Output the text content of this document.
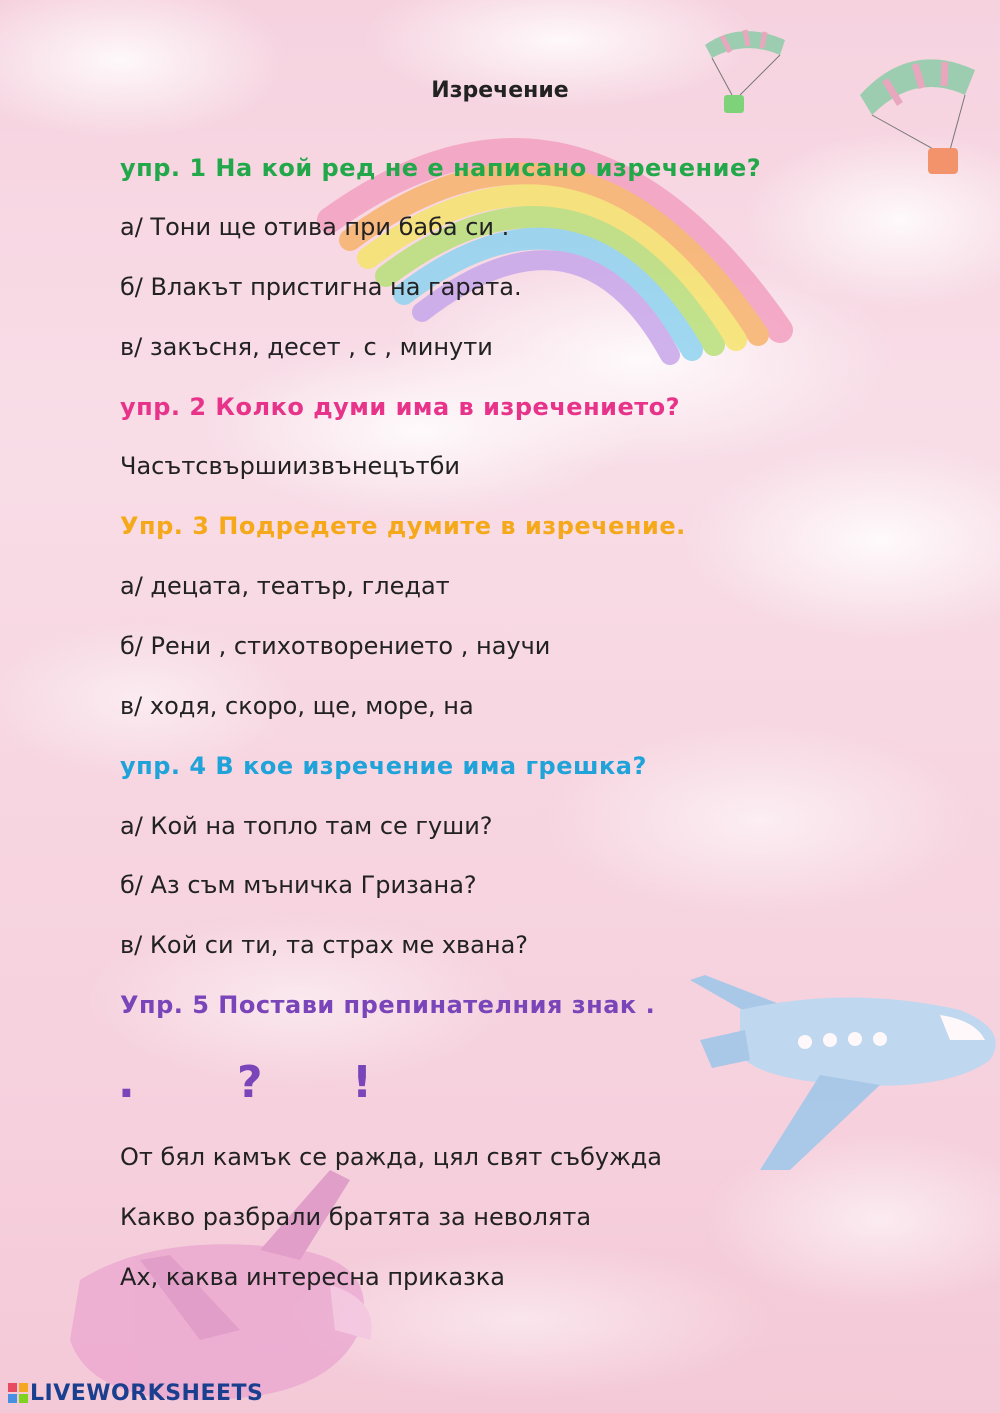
Изречение
упр. 1 На кой ред не е написано изречение?
а/ Тони ще отива при баба си .
б/ Влакът пристигна на гарата.
в/ закъсня, десет , с , минути
упр. 2 Колко думи има в изречението?
Часътсвършиизвънецътби
Упр. 3 Подредете думите в изречение.
а/ децата, театър, гледат
б/ Рени , стихотворението , научи
в/ ходя, скоро, ще, море, на
упр. 4 В кое изречение има грешка?
а/ Кой на топло там се гуши?
б/ Аз съм мъничка Гризана?
в/ Кой си ти, та страх ме хвана?
Упр. 5 Постави препинателния знак .
. ? !
От бял камък се ражда, цял свят събужда
Какво разбрали братята за неволята
Ах, каква интересна приказка
LIVEWORKSHEETS
